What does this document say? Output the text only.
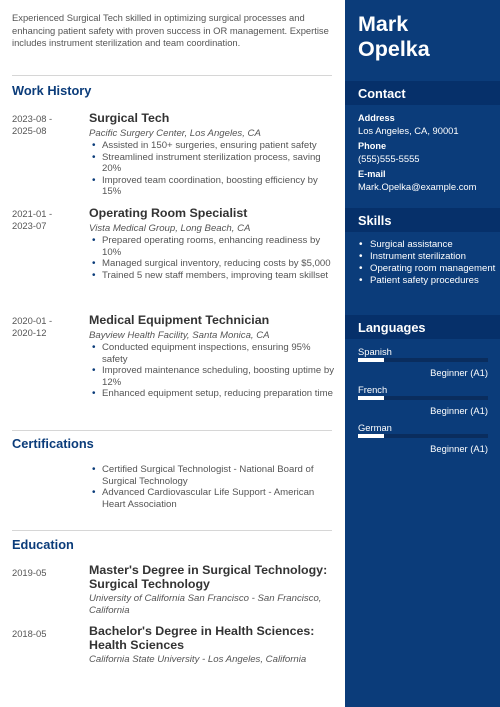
Experienced Surgical Tech skilled in optimizing surgical processes and enhancing patient safety with proven success in OR management. Expertise includes instrument sterilization and team coordination.

Work History
2023-08 - 2025-08
Surgical Tech
Pacific Surgery Center, Los Angeles, CA
• Assisted in 150+ surgeries, ensuring patient safety
• Streamlined instrument sterilization process, saving 20%
• Improved team coordination, boosting efficiency by 15%
2021-01 - 2023-07
Operating Room Specialist
Vista Medical Group, Long Beach, CA
• Prepared operating rooms, enhancing readiness by 10%
• Managed surgical inventory, reducing costs by $5,000
• Trained 5 new staff members, improving team skillset
2020-01 - 2020-12
Medical Equipment Technician
Bayview Health Facility, Santa Monica, CA
• Conducted equipment inspections, ensuring 95% safety
• Improved maintenance scheduling, boosting uptime by 12%
• Enhanced equipment setup, reducing preparation time
Certifications
• Certified Surgical Technologist - National Board of Surgical Technology
• Advanced Cardiovascular Life Support - American Heart Association
Education
2019-05	Master's Degree in Surgical Technology: Surgical Technology
University of California San Francisco - San Francisco, California
2018-05	Bachelor's Degree in Health Sciences: Health Sciences
California State University - Los Angeles, California
Mark
Opelka
Contact
Address
Los Angeles, CA, 90001
Phone
(555)555-5555
E-mail
Mark.Opelka@example.com
Skills
• Surgical assistance
• Instrument sterilization
• Operating room management
• Patient safety procedures
Languages
Spanish
Beginner (A1)
French
Beginner (A1)
German
Beginner (A1)
